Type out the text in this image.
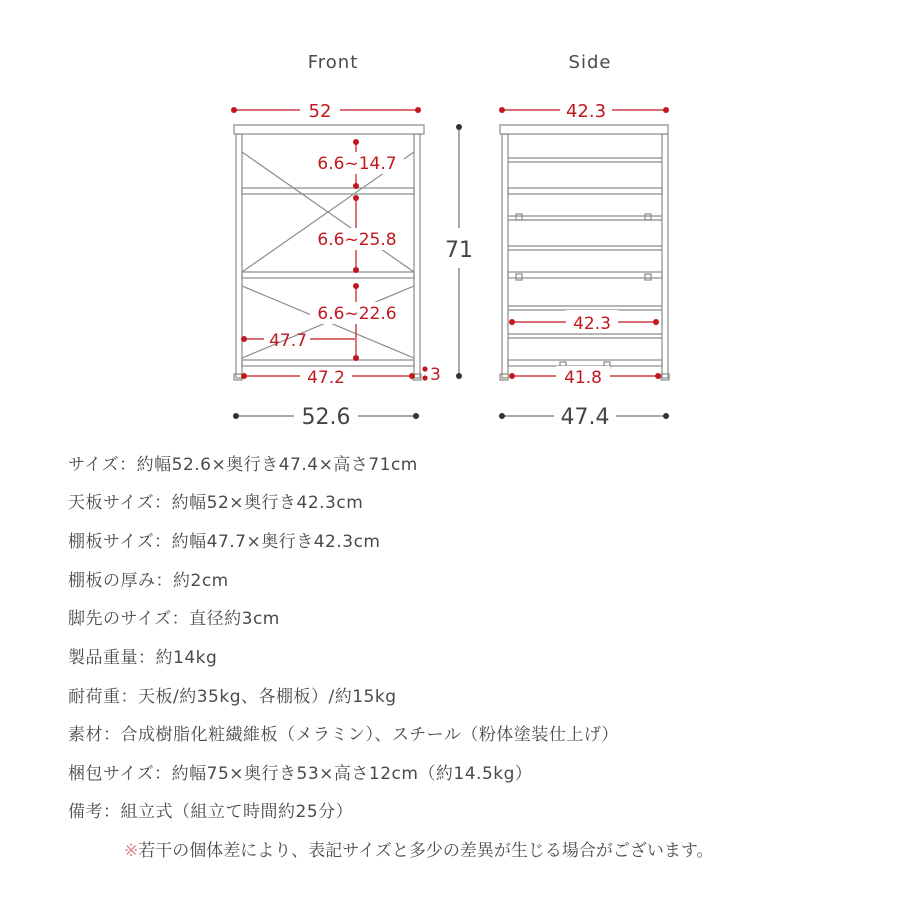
Front	Side
52
6.6~14.7
6.6~25.8
6.6~22.6
47.7
47.2	3
71
52.6
42.3
42.3
41.8
47.4
サイズ：約幅52.6×奥行き47.4×高さ71cm
天板サイズ：約幅52×奥行き42.3cm
棚板サイズ：約幅47.7×奥行き42.3cm
棚板の厚み：約2cm
脚先のサイズ：直径約3cm
製品重量：約14kg
耐荷重：天板/約35kg、各棚板）/約15kg
素材：合成樹脂化粧繊維板（メラミン）、スチール（粉体塗装仕上げ）
梱包サイズ：約幅75×奥行き53×高さ12cm（約14.5kg）
備考：組立式（組立て時間約25分）
※若干の個体差により、表記サイズと多少の差異が生じる場合がございます。
